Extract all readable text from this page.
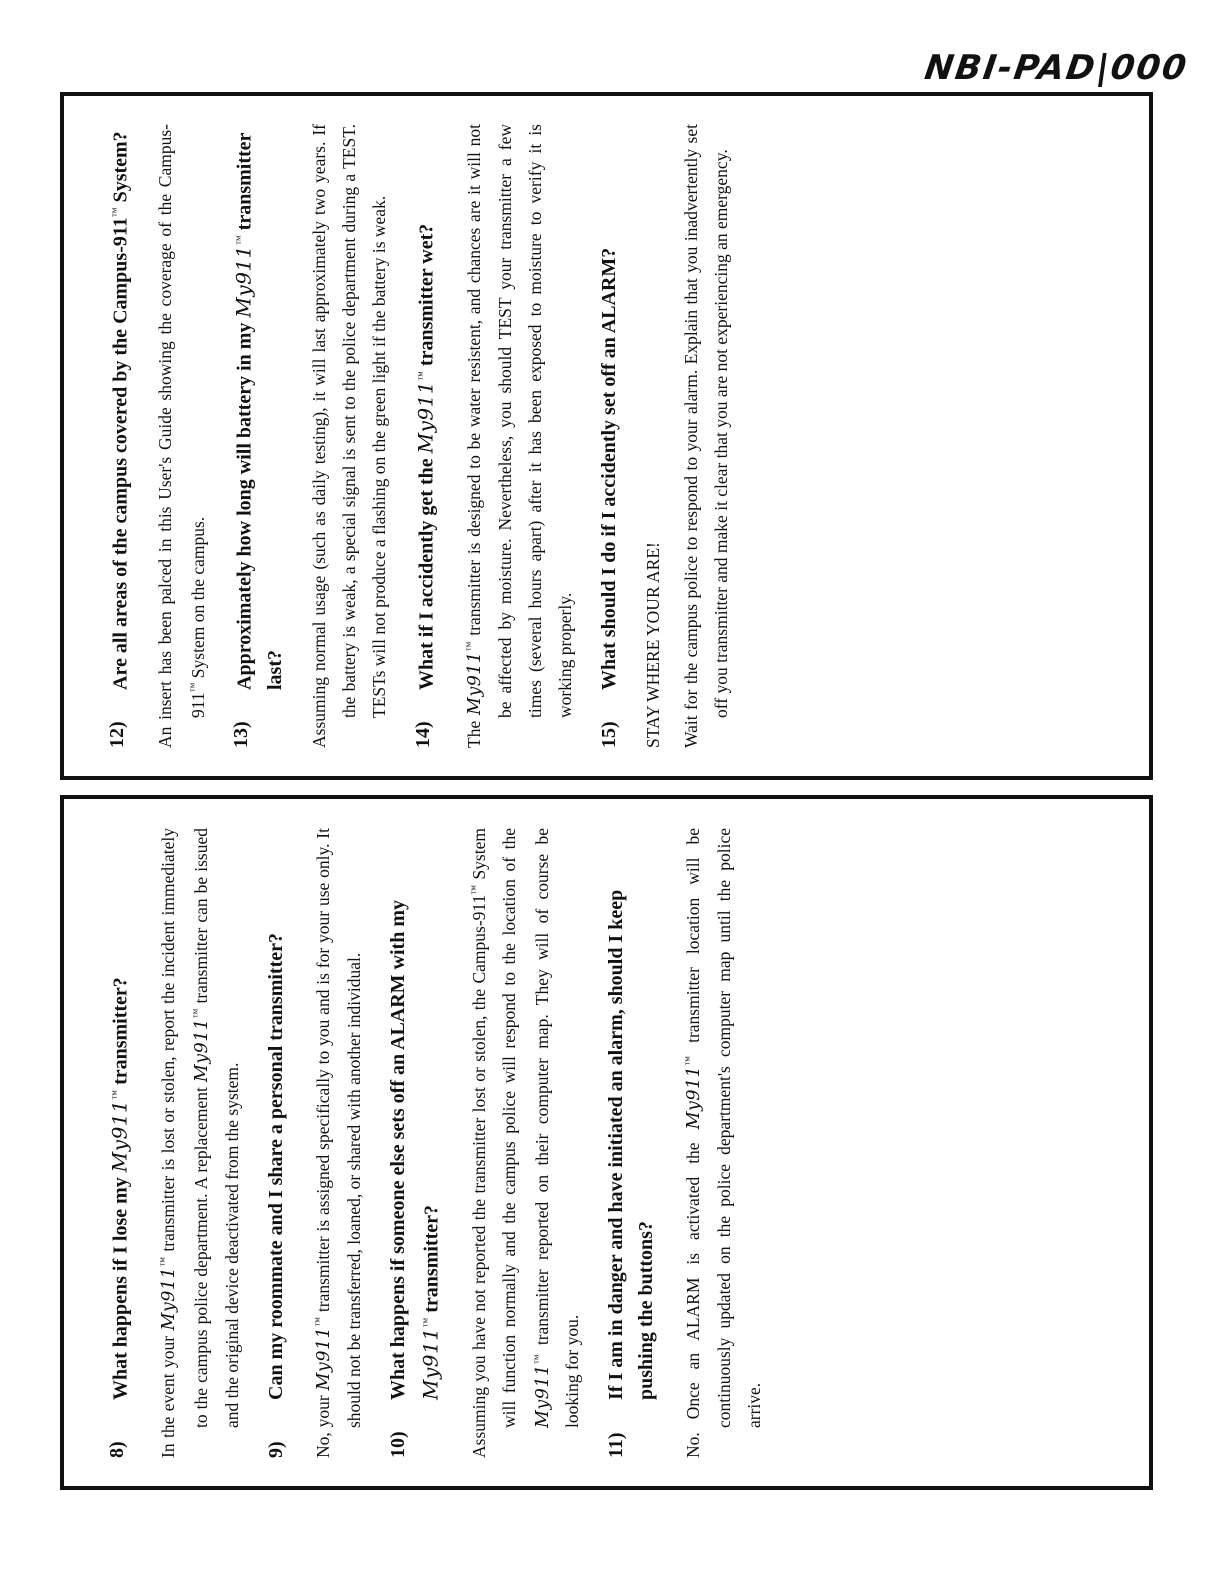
NBI-PAD|000
8)
What happens if I lose my My911™ transmitter?

In the event your My911™ transmitter is lost or stolen, report the incident immediately to the campus police department. A replacement My911™ transmitter can be issued and the original device deactivated from the system.

9)
Can my roommate and I share a personal transmitter?

No, your My911™ transmitter is assigned specifically to you and is for your use only. It should not be transferred, loaned, or shared with another individual.

10)
What happens if someone else sets off an ALARM with my My911™ transmitter?	Assuming you have not reported the transmitter lost or stolen, the Campus-911™ System will function normally and the campus police will respond to the location of the My911™ transmitter reported on their computer map. They will of course be looking for you.

11)
If I am in danger and have initiated an alarm, should I keep pushing the buttons?	No. Once an ALARM is activated the My911™ transmitter location will be continuously updated on the police department's computer map until the police arrive.

12)
Are all areas of the campus covered by the Campus-911™ System? An insert has been palced in this User's Guide showing the coverage of the Campus-911™ System on the campus.

13)
Approximately how long will battery in my My911™ transmitter last? Assuming normal usage (such as daily testing), it will last approximately two years. If the battery is weak, a special signal is sent to the police department during a TEST. TESTs will not produce a flashing on the green light if the battery is weak.

14)
What if I accidently get the My911™ transmitter wet?

The My911™ transmitter is designed to be water resistent, and chances are it will not be affected by moisture. Nevertheless, you should TEST your transmitter a few times (several hours apart) after it has been exposed to moisture to verify it is working properly.

15)
What should I do if I accidently set off an ALARM? STAY WHERE YOUR ARE! Wait for the campus police to respond to your alarm. Explain that you inadvertently set off you transmitter and make it clear that you are not experiencing an emergency.
